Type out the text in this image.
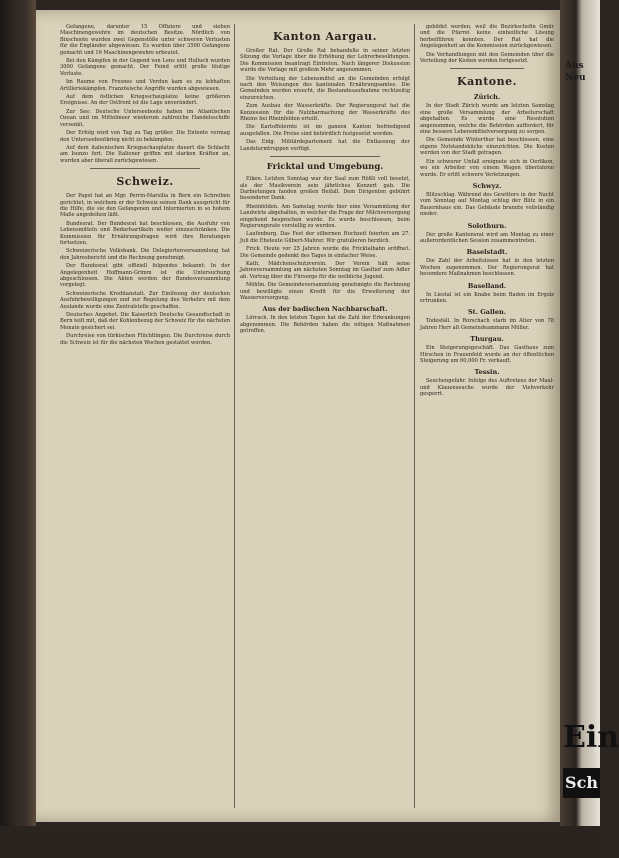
Gefangene, darunter 15 Offiziere und sieben Maschinengewehre im deutschen Besitze. Nördlich von Bixschoote wurden zwei Gegenstöße unter schweren Verlusten für die Engländer abgewiesen. Es wurden über 3500 Gefangene gemacht und 16 Maschinengewehre erbeutet.

Bei den Kämpfen in der Gegend von Lens und Hulluch wurden 3000 Gefangene gemacht. Der Feind erlitt große blutige Verluste.

Im Raume von Fresnes und Verdun kam es zu lebhaften Artilleriekämpfen. Französische Angriffe wurden abgewiesen.

Auf dem östlichen Kriegsschauplatze keine größeren Ereignisse. An der Ostfront ist die Lage unverändert.

Zur See: Deutsche Unterseeboote haben im Atlantischen Ozean und im Mittelmeer wiederum zahlreiche Handelsschiffe versenkt.

Der Erfolg wird von Tag zu Tag größer. Die Entente vermag den Unterseebootkrieg nicht zu bekämpfen.

Auf dem italienischen Kriegsschauplatze dauert die Schlacht am Isonzo fort. Die Italiener griffen mit starken Kräften an, wurden aber überall zurückgewiesen.

Schweiz.

Der Papst hat an Mgr. Perrin-Marsilia in Bern ein Schreiben gerichtet, in welchem er der Schweiz seinen Dank ausspricht für die Hilfe, die sie den Gefangenen und Internierten in so hohem Maße angedeihen läßt.

Bundesrat. Der Bundesrat hat beschlossen, die Ausfuhr von Lebensmitteln und Bedarfsartikeln weiter einzuschränken. Die Kommission für Ernährungsfragen wird ihre Beratungen fortsetzen.

Schweizerische Volksbank. Die Delegiertenversammlung hat den Jahresbericht und die Rechnung genehmigt.

Der Bundesrat gibt offiziell folgendes bekannt: In der Angelegenheit Hoffmann-Grimm ist die Untersuchung abgeschlossen. Die Akten werden der Bundesversammlung vorgelegt.

Schweizerische Kreditanstalt. Zur Einlösung der deutschen Ausfuhrbewilligungen und zur Regelung des Verkehrs mit dem Auslande wurde eine Zentralstelle geschaffen.

Deutsches Angebot. Die Kaiserlich Deutsche Gesandtschaft in Bern teilt mit, daß der Kohlenbezug der Schweiz für die nächsten Monate gesichert sei.

Durchreise von türkischen Flüchtlingen. Die Durchreise durch die Schweiz ist für die nächsten Wochen gestattet worden.

Kanton Aargau.

Großer Rat. Der Große Rat behandelte in seiner letzten Sitzung die Vorlage über die Erhöhung der Lehrerbesoldungen. Die Kommission beantragt Eintreten. Nach längerer Diskussion wurde die Vorlage mit großem Mehr angenommen.

Die Verteilung der Lebensmittel an die Gemeinden erfolgt nach den Weisungen des kantonalen Ernährungsamtes. Die Gemeinden werden ersucht, die Bestandesaufnahme rechtzeitig einzureichen.

Zum Ausbau der Wasserkräfte. Der Regierungsrat hat die Konzession für die Nutzbarmachung der Wasserkräfte des Rheins bei Rheinfelden erteilt.

Die Kartoffelernte ist im ganzen Kanton befriedigend ausgefallen. Die Preise sind behördlich festgesetzt worden.

Das Eidg. Militärdepartement hat die Entlassung der Landsturmtruppen verfügt.

Fricktal und Umgebung.

Eiken. Letzten Sonntag war der Saal zum Rößli voll besetzt, als der Musikverein sein jährliches Konzert gab. Die Darbietungen fanden großen Beifall. Dem Dirigenten gebührt besonderer Dank.

Rheinfelden. Am Samstag wurde hier eine Versammlung der Landwirte abgehalten, in welcher die Frage der Milchversorgung eingehend besprochen wurde. Es wurde beschlossen, beim Regierungsrate vorstellig zu werden.

Laufenburg. Das Fest der silbernen Hochzeit feierten am 27. Juli die Eheleute Gilbert-Mahrer. Wir gratulieren herzlich.

Frick. Heute vor 25 Jahren wurde die Fricktalbahn eröffnet. Die Gemeinde gedenkt des Tages in einfacher Weise.

Kath. Mädchenschutzverein. Der Verein hält seine Jahresversammlung am nächsten Sonntag im Gasthof zum Adler ab. Vortrag über die Fürsorge für die weibliche Jugend.

Möhlin. Die Gemeindeversammlung genehmigte die Rechnung und bewilligte einen Kredit für die Erweiterung der Wasserversorgung.

Aus der badischen Nachbarschaft.

Lörrach. In den letzten Tagen hat die Zahl der Erkrankungen abgenommen. Die Behörden haben die nötigen Maßnahmen getroffen.

gebildet werden, weil die Bezirkschefin Gmür und die Pfarrei keine einheitliche Lösung herbeiführen konnten. Der Rat hat die Angelegenheit an die Kommission zurückgewiesen.

Die Verhandlungen mit den Gemeinden über die Verteilung der Kosten werden fortgesetzt.

Kantone.
Zürich.

In der Stadt Zürich wurde am letzten Samstag eine große Versammlung der Arbeiterschaft abgehalten. Es wurde eine Resolution angenommen, welche die Behörden auffordert, für eine bessere Lebensmittelversorgung zu sorgen.

Die Gemeinde Winterthur hat beschlossen, eine eigene Notstandsküche einzurichten. Die Kosten werden von der Stadt getragen.

Ein schwerer Unfall ereignete sich in Oerlikon, wo ein Arbeiter von einem Wagen überfahren wurde. Er erlitt schwere Verletzungen.

Schwyz.

Blitzschlag. Während des Gewitters in der Nacht vom Sonntag auf Montag schlug der Blitz in ein Bauernhaus ein. Das Gebäude brannte vollständig nieder.

Solothurn.

Der große Kantonsrat wird am Montag zu einer außerordentlichen Session zusammentreten.

Baselstadt.

Die Zahl der Arbeitslosen hat in den letzten Wochen zugenommen. Der Regierungsrat hat besondere Maßnahmen beschlossen.

Baselland.

In Liestal ist ein Knabe beim Baden im Ergolz ertrunken.

St. Gallen.

Todesfall. In Rorschach starb im Alter von 78 Jahren Herr alt Gemeindeammann Müller.

Thurgau.

Ein Steigerungsgeschäft. Das Gasthaus zum Hirschen in Frauenfeld wurde an der öffentlichen Steigerung um 60,000 Fr. verkauft.

Tessin.

Seuchengefahr. Infolge des Auftretens der Maul- und Klauenseuche wurde der Viehverkehr gesperrt.

Aus Neu
Ein
Sch
